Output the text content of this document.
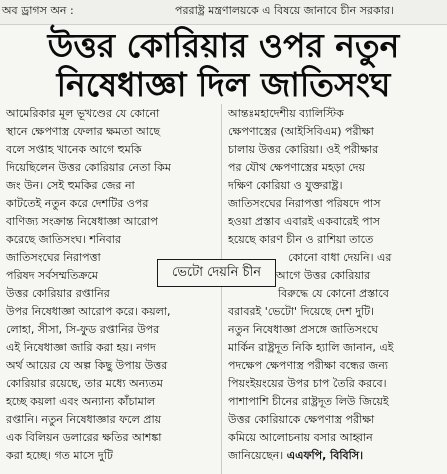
অব ড্রাগস অন :	পররাষ্ট্র মন্ত্রণালয়কে এ বিষয়ে জানাবে চীন সরকার।
উত্তর কোরিয়ার ওপর নতুন
নিষেধাজ্ঞা দিল জাতিসংঘ
আমেরিকার মূল ভূখণ্ডের যে কোনো
স্থানে ক্ষেপণাস্ত্র ফেলার ক্ষমতা আছে
বলে সপ্তাহ খানেক আগে হুমকি
দিয়েছিলেন উত্তর কোরিয়ার নেতা কিম
জং উন। সেই হুমকির জের না
কাটতেই নতুন করে দেশটির ওপর
বাণিজ্য সংক্রান্ত নিষেধাজ্ঞা আরোপ
করেছে জাতিসংঘ। শনিবার
জাতিসংঘের নিরাপত্তা
পরিষদ সর্বসম্মতিক্রমে
উত্তর কোরিয়ার রপ্তানির
উপর নিষেধাজ্ঞা আরোপ করে। কয়লা,
লোহা, সীসা, সি-ফুড রপ্তানির উপর
এই নিষেধাজ্ঞা জারি করা হয়। নগদ
অর্থ আয়ের যে অল্প কিছু উপায় উত্তর
কোরিয়ার রয়েছে, তার মধ্যে অন্যতম
হচ্ছে কয়লা এবং অন্যান্য কাঁচামাল
রপ্তানি। নতুন নিষেধাজ্ঞার ফলে প্রায়
এক বিলিয়ন ডলারের ক্ষতির আশঙ্কা
করা হচ্ছে। গত মাসে দুটি
আন্তঃমহাদেশীয় ব্যালিস্টিক
ক্ষেপণাস্ত্রের (আইসিবিএম) পরীক্ষা
চালায় উত্তর কোরিয়া। ওই পরীক্ষার
পর যৌথ ক্ষেপণাস্ত্রের মহড়া দেয়
দক্ষিণ কোরিয়া ও যুক্তরাষ্ট্র।
জাতিসংঘের নিরাপত্তা পরিষদে পাস
হওয়া প্রস্তাব এবারই একবারেই পাস
হয়েছে কারণ চীন ও রাশিয়া তাতে
কোনো বাধা দেয়নি। এর
আগে উত্তর কোরিয়ার
বিরুদ্ধে যে কোনো প্রস্তাবে
বরাবরই 'ভেটো' দিয়েছে দেশ দুটি।
নতুন নিষেধাজ্ঞা প্রসঙ্গে জাতিসংঘে
মার্কিন রাষ্ট্রদূত নিকি হ্যালি জানান, এই
পদক্ষেপ ক্ষেপণাস্ত্র পরীক্ষা বন্ধের জন্য
পিয়ংইয়ংয়ের উপর চাপ তৈরি করবে।
পাশাপাশি চীনের রাষ্ট্রদূত লিউ জিয়েই
উত্তর কোরিয়াকে ক্ষেপণাস্ত্র পরীক্ষা
কমিয়ে আলোচনায় বসার আহ্বান
জানিয়েছেন। এএফপি, বিবিসি।
ভেটো দেয়নি চীন
